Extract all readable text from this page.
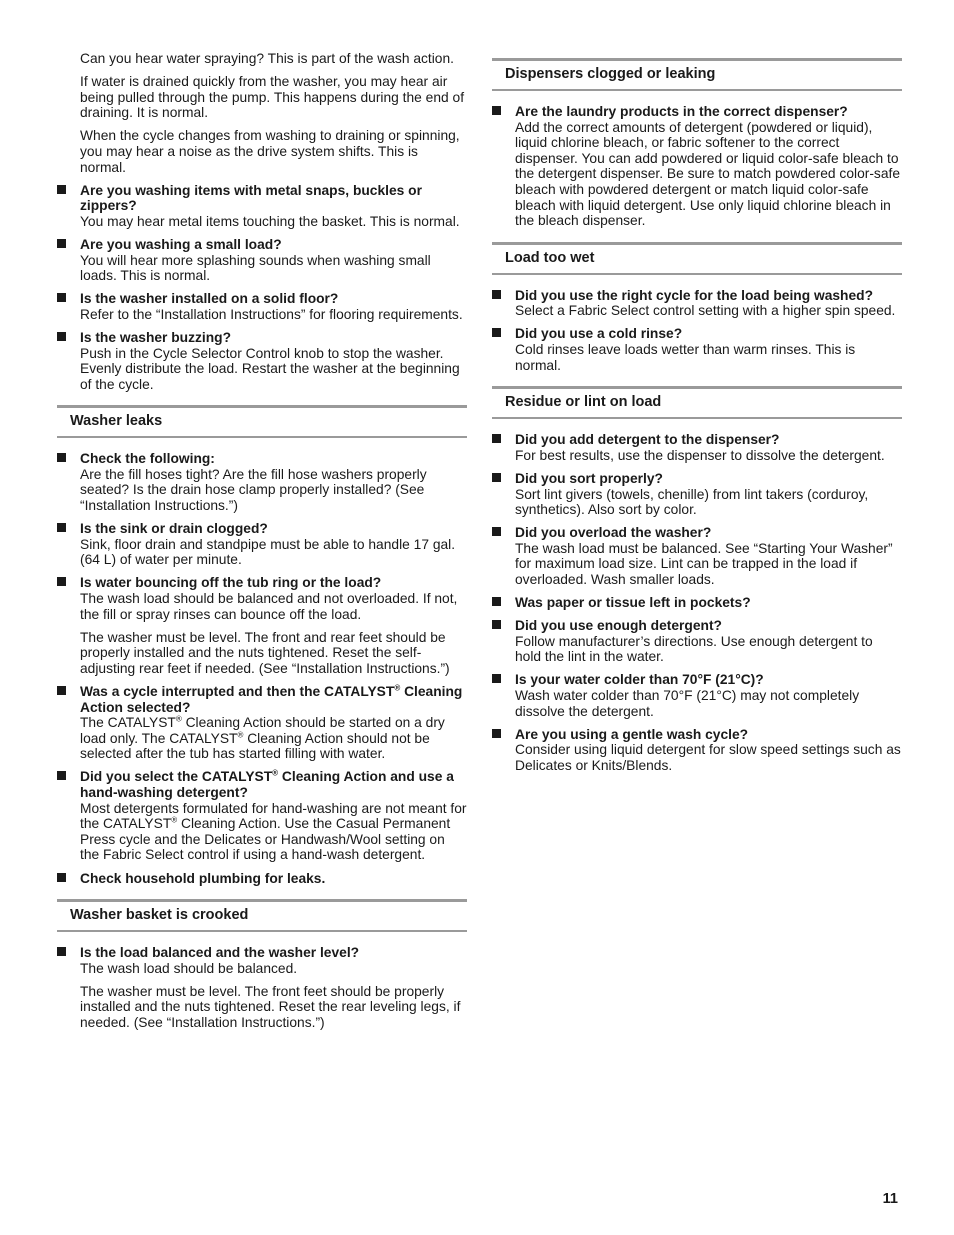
Can you hear water spraying? This is part of the wash action.

If water is drained quickly from the washer, you may hear air being pulled through the pump. This happens during the end of draining. It is normal.

When the cycle changes from washing to draining or spinning, you may hear a noise as the drive system shifts. This is normal.

Are you washing items with metal snaps, buckles or zippers?
You may hear metal items touching the basket. This is normal.
Are you washing a small load?
You will hear more splashing sounds when washing small loads. This is normal.
Is the washer installed on a solid floor?
Refer to the “Installation Instructions” for flooring requirements.
Is the washer buzzing?
Push in the Cycle Selector Control knob to stop the washer. Evenly distribute the load. Restart the washer at the beginning of the cycle.
Washer leaks
Check the following:
Are the fill hoses tight? Are the fill hose washers properly seated? Is the drain hose clamp properly installed? (See “Installation Instructions.”)
Is the sink or drain clogged?
Sink, floor drain and standpipe must be able to handle 17 gal. (64 L) of water per minute.
Is water bouncing off the tub ring or the load?
The wash load should be balanced and not overloaded. If not, the fill or spray rinses can bounce off the load.

The washer must be level. The front and rear feet should be properly installed and the nuts tightened. Reset the self-adjusting rear feet if needed. (See “Installation Instructions.”)

Was a cycle interrupted and then the CATALYST® Cleaning Action selected?
The CATALYST® Cleaning Action should be started on a dry load only. The CATALYST® Cleaning Action should not be selected after the tub has started filling with water.
Did you select the CATALYST® Cleaning Action and use a hand-washing detergent?
Most detergents formulated for hand-washing are not meant for the CATALYST® Cleaning Action. Use the Casual Permanent Press cycle and the Delicates or Handwash/Wool setting on the Fabric Select control if using a hand-wash detergent.
Check household plumbing for leaks.
Washer basket is crooked
Is the load balanced and the washer level?
The wash load should be balanced.

The washer must be level. The front feet should be properly installed and the nuts tightened. Reset the rear leveling legs, if needed. (See “Installation Instructions.”)

Dispensers clogged or leaking
Are the laundry products in the correct dispenser?
Add the correct amounts of detergent (powdered or liquid), liquid chlorine bleach, or fabric softener to the correct dispenser. You can add powdered or liquid color-safe bleach to the detergent dispenser. Be sure to match powdered color-safe bleach with powdered detergent or match liquid color-safe bleach with liquid detergent. Use only liquid chlorine bleach in the bleach dispenser.
Load too wet
Did you use the right cycle for the load being washed?
Select a Fabric Select control setting with a higher spin speed.
Did you use a cold rinse?
Cold rinses leave loads wetter than warm rinses. This is normal.
Residue or lint on load
Did you add detergent to the dispenser?
For best results, use the dispenser to dissolve the detergent.
Did you sort properly?
Sort lint givers (towels, chenille) from lint takers (corduroy, synthetics). Also sort by color.
Did you overload the washer?
The wash load must be balanced. See “Starting Your Washer” for maximum load size. Lint can be trapped in the load if overloaded. Wash smaller loads.
Was paper or tissue left in pockets?
Did you use enough detergent?
Follow manufacturer’s directions. Use enough detergent to hold the lint in the water.
Is your water colder than 70°F (21°C)?
Wash water colder than 70°F (21°C) may not completely dissolve the detergent.
Are you using a gentle wash cycle?
Consider using liquid detergent for slow speed settings such as Delicates or Knits/Blends.
11
